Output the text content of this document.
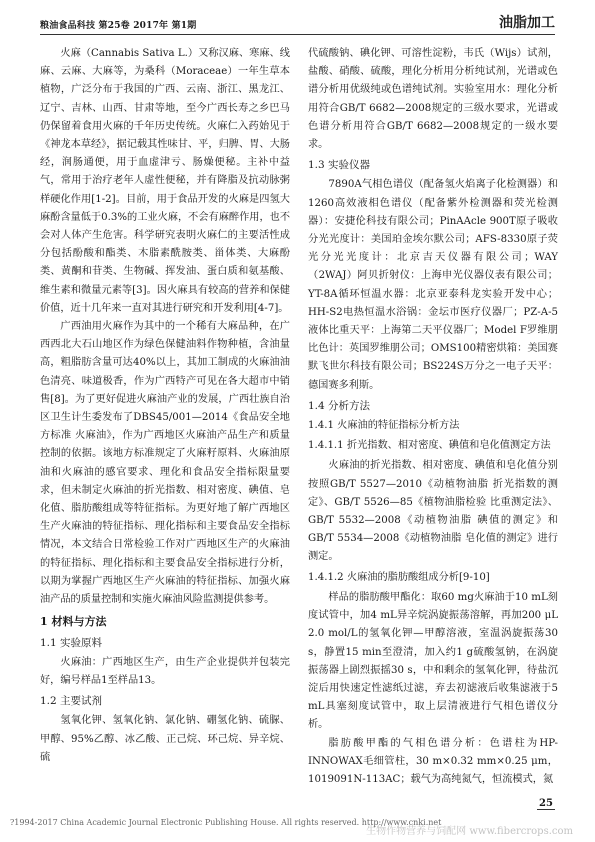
粮油食品科技 第25卷 2017年 第1期	油脂加工

火麻（Cannabis Sativa L.）又称汉麻、寒麻、线麻、云麻、大麻等，为桑科（Moraceae）一年生草本植物，广泛分布于我国的广西、云南、浙江、黑龙江、辽宁、吉林、山西、甘肃等地，至今广西长寿之乡巴马仍保留着食用火麻的千年历史传统。火麻仁入药始见于《神龙本草经》，据记载其性味甘、平，归脾、胃、大肠经，润肠通便，用于血虚津亏、肠燥便秘。主补中益气，常用于治疗老年人虚性便秘，并有降脂及抗动脉粥样硬化作用[1-2]。目前，用于食品开发的火麻是四氢大麻酚含量低于0.3%的工业火麻，不会有麻醉作用，也不会对人体产生危害。科学研究表明火麻仁的主要活性成分包括酚酸和酯类、木脂素酰胺类、甾体类、大麻酚类、黄酮和苷类、生物碱、挥发油、蛋白质和氨基酸、维生素和微量元素等[3]。因火麻具有较高的营养和保健价值，近十几年来一直对其进行研究和开发利用[4-7]。

广西油用火麻作为其中的一个稀有大麻品种，在广西西北大石山地区作为绿色保健油料作物种植，含油量高，粗脂肪含量可达40%以上，其加工制成的火麻油油色清亮、味道极香，作为广西特产可见在各大超市中销售[8]。为了更好促进火麻油产业的发展，广西壮族自治区卫生计生委发布了DBS45/001—2014《食品安全地方标准 火麻油》，作为广西地区火麻油产品生产和质量控制的依据。该地方标准规定了火麻籽原料、火麻油原油和火麻油的感官要求、理化和食品安全指标限量要求，但未制定火麻油的折光指数、相对密度、碘值、皂化值、脂肪酸组成等特征指标。为更好地了解广西地区生产火麻油的特征指标、理化指标和主要食品安全指标情况，本文结合日常检验工作对广西地区生产的火麻油的特征指标、理化指标和主要食品安全指标进行分析，以期为掌握广西地区生产火麻油的特征指标、加强火麻油产品的质量控制和实施火麻油风险监测提供参考。

1 材料与方法
1.1 实验原料

火麻油：广西地区生产，由生产企业提供并包装完好，编号样品1至样品13。

1.2 主要试剂

氢氧化钾、氢氧化钠、氯化钠、硼氢化钠、硫脲、甲醇、95%乙醇、冰乙酸、正己烷、环己烷、异辛烷、硫

代硫酸钠、碘化钾、可溶性淀粉，韦氏（Wijs）试剂，盐酸、硝酸、硫酸，理化分析用分析纯试剂，光谱或色谱分析用优级纯或色谱纯试剂。实验室用水：理化分析用符合GB/T 6682—2008规定的三级水要求，光谱或色谱分析用符合GB/T 6682—2008规定的一级水要求。

1.3 实验仪器

7890A气相色谱仪（配备氢火焰离子化检测器）和1260高效液相色谱仪（配备紫外检测器和荧光检测器）：安捷伦科技有限公司；PinAAcle 900T原子吸收分光光度计：美国珀金埃尔默公司；AFS-8330原子荧光分光光度计：北京吉天仪器有限公司；WAY（2WAJ）阿贝折射仪：上海申光仪器仪表有限公司；YT-8A循环恒温水器：北京亚泰科龙实验开发中心；HH-S2电热恒温水浴锅：金坛市医疗仪器厂；PZ-A-5液体比重天平：上海第二天平仪器厂；Model F罗维朋比色计：英国罗维朋公司；OMS100精密烘箱：美国赛默飞世尔科技有限公司；BS224S万分之一电子天平：德国赛多利斯。

1.4 分析方法
1.4.1 火麻油的特征指标分析方法
1.4.1.1 折光指数、相对密度、碘值和皂化值测定方法

火麻油的折光指数、相对密度、碘值和皂化值分别按照GB/T 5527—2010《动植物油脂 折光指数的测定》、GB/T 5526—85《植物油脂检验 比重测定法》、GB/T 5532—2008《动植物油脂 碘值的测定》和GB/T 5534—2008《动植物油脂 皂化值的测定》进行测定。

1.4.1.2 火麻油的脂肪酸组成分析[9-10]

样品的脂肪酸甲酯化：取60 mg火麻油于10 mL刻度试管中，加4 mL异辛烷涡旋振荡溶解，再加200 μL 2.0 mol/L的氢氧化钾—甲醇溶液，室温涡旋振荡30 s，静置15 min至澄清，加入约1 g硫酸氢钠，在涡旋振荡器上剧烈振摇30 s，中和剩余的氢氧化钾，待盐沉淀后用快速定性滤纸过滤，弃去初滤液后收集滤液于5 mL具塞刻度试管中，取上层清液进行气相色谱仪分析。

脂肪酸甲酯的气相色谱分析：色谱柱为HP-INNOWAX毛细管柱，30 m×0.32 mm×0.25 μm，1019091N-113AC；载气为高纯氮气，恒流模式，氮

25
?1994-2017 China Academic Journal Electronic Publishing House. All rights reserved. http://www.cnki.net
生物作物营养与饲配网 www.fibercrops.com
